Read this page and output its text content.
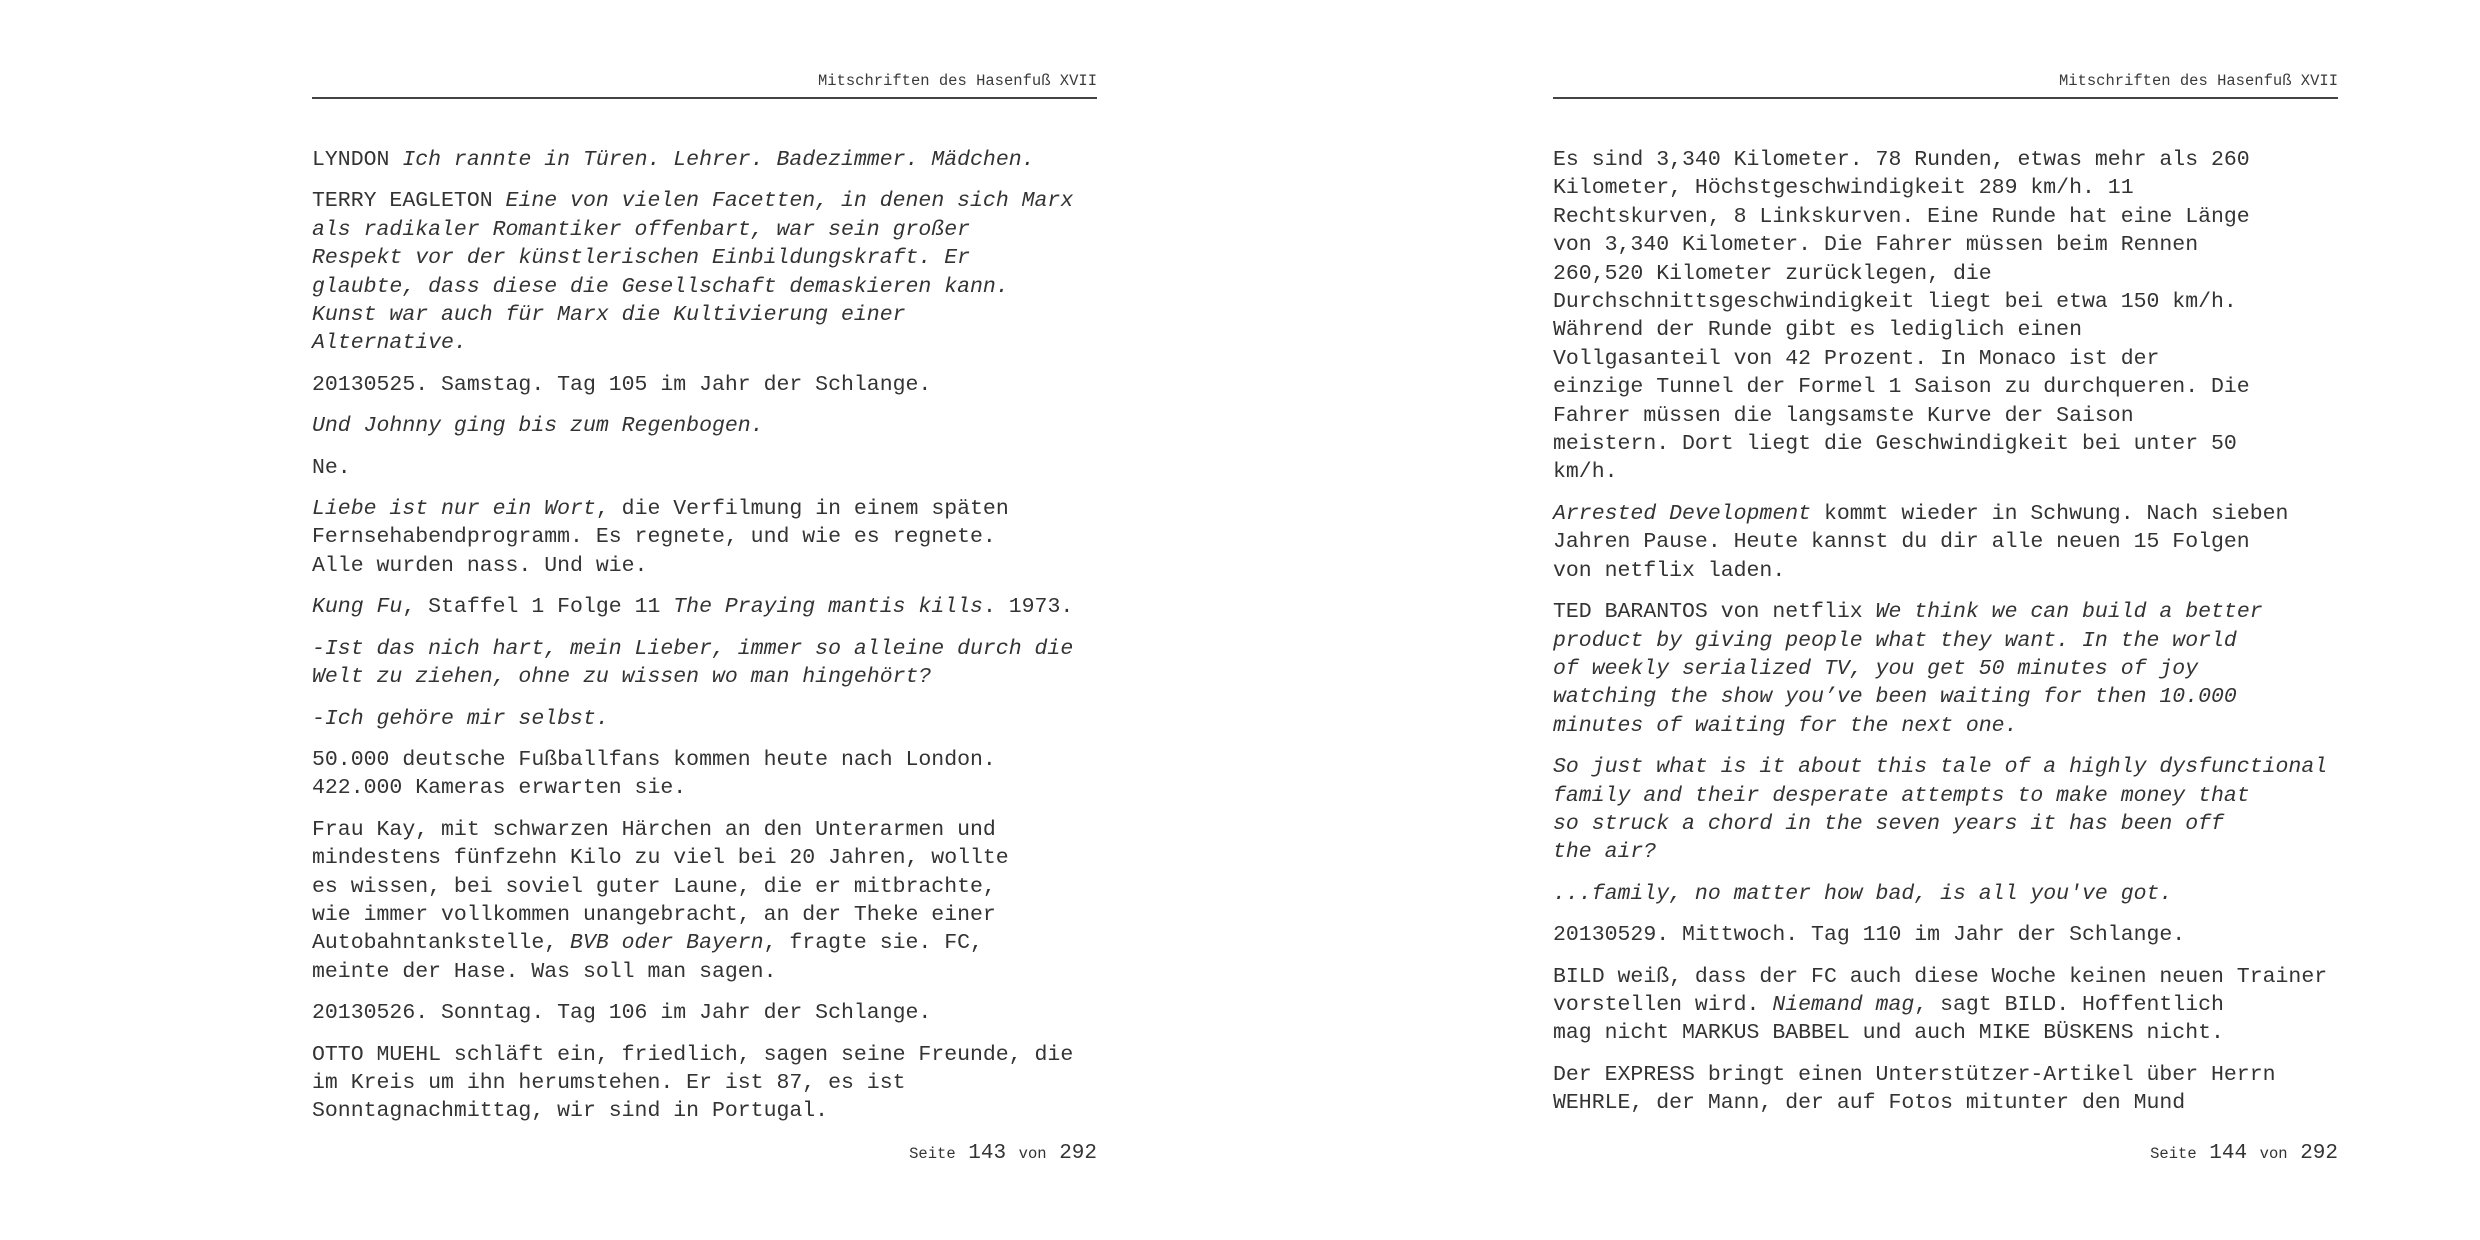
Mitschriften des Hasenfuß XVII

LYNDON Ich rannte in Türen. Lehrer. Badezimmer. Mädchen.

TERRY EAGLETON Eine von vielen Facetten, in denen sich Marx
als radikaler Romantiker offenbart, war sein großer
Respekt vor der künstlerischen Einbildungskraft. Er
glaubte, dass diese die Gesellschaft demaskieren kann.
Kunst war auch für Marx die Kultivierung einer
Alternative.

20130525. Samstag. Tag 105 im Jahr der Schlange.

Und Johnny ging bis zum Regenbogen.

Ne.

Liebe ist nur ein Wort, die Verfilmung in einem späten
Fernsehabendprogramm. Es regnete, und wie es regnete.
Alle wurden nass. Und wie.

Kung Fu, Staffel 1 Folge 11 The Praying mantis kills. 1973.

-Ist das nich hart, mein Lieber, immer so alleine durch die
Welt zu ziehen, ohne zu wissen wo man hingehört?

-Ich gehöre mir selbst.

50.000 deutsche Fußballfans kommen heute nach London.
422.000 Kameras erwarten sie.

Frau Kay, mit schwarzen Härchen an den Unterarmen und
mindestens fünfzehn Kilo zu viel bei 20 Jahren, wollte
es wissen, bei soviel guter Laune, die er mitbrachte,
wie immer vollkommen unangebracht, an der Theke einer
Autobahntankstelle, BVB oder Bayern, fragte sie. FC,
meinte der Hase. Was soll man sagen.

20130526. Sonntag. Tag 106 im Jahr der Schlange.

OTTO MUEHL schläft ein, friedlich, sagen seine Freunde, die
im Kreis um ihn herumstehen. Er ist 87, es ist
Sonntagnachmittag, wir sind in Portugal.

Seite 143 von 292
Mitschriften des Hasenfuß XVII

Es sind 3,340 Kilometer. 78 Runden, etwas mehr als 260
Kilometer, Höchstgeschwindigkeit 289 km/h. 11
Rechtskurven, 8 Linkskurven. Eine Runde hat eine Länge
von 3,340 Kilometer. Die Fahrer müssen beim Rennen
260,520 Kilometer zurücklegen, die
Durchschnittsgeschwindigkeit liegt bei etwa 150 km/h.
Während der Runde gibt es lediglich einen
Vollgasanteil von 42 Prozent. In Monaco ist der
einzige Tunnel der Formel 1 Saison zu durchqueren. Die
Fahrer müssen die langsamste Kurve der Saison
meistern. Dort liegt die Geschwindigkeit bei unter 50
km/h.

Arrested Development kommt wieder in Schwung. Nach sieben
Jahren Pause. Heute kannst du dir alle neuen 15 Folgen
von netflix laden.

TED BARANTOS von netflix We think we can build a better
product by giving people what they want. In the world
of weekly serialized TV, you get 50 minutes of joy
watching the show you’ve been waiting for then 10.000
minutes of waiting for the next one.

So just what is it about this tale of a highly dysfunctional
family and their desperate attempts to make money that
so struck a chord in the seven years it has been off
the air?

...family, no matter how bad, is all you've got.

20130529. Mittwoch. Tag 110 im Jahr der Schlange.

BILD weiß, dass der FC auch diese Woche keinen neuen Trainer
vorstellen wird. Niemand mag, sagt BILD. Hoffentlich
mag nicht MARKUS BABBEL und auch MIKE BÜSKENS nicht.

Der EXPRESS bringt einen Unterstützer-Artikel über Herrn
WEHRLE, der Mann, der auf Fotos mitunter den Mund

Seite 144 von 292
